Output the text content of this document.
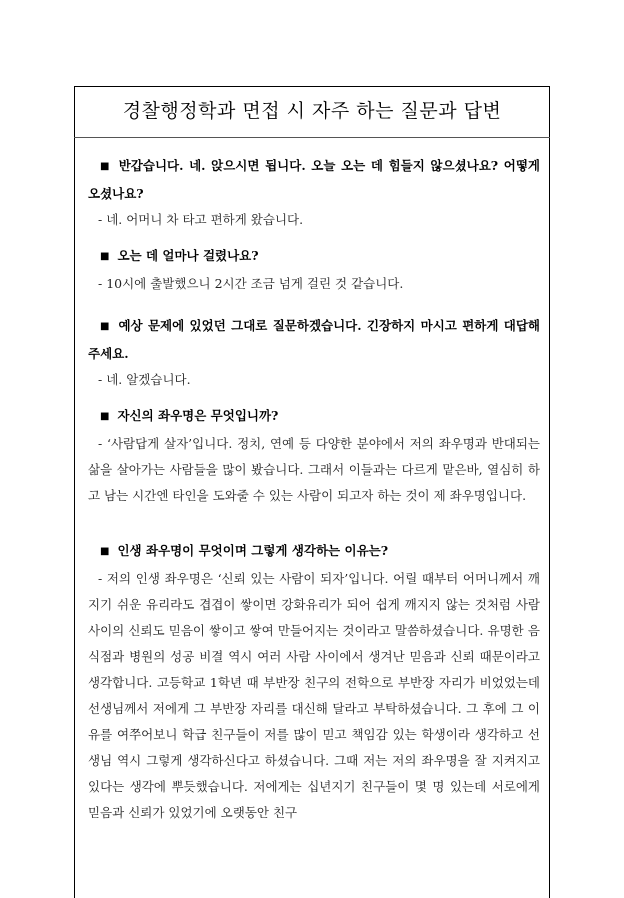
경찰행정학과 면접 시 자주 하는 질문과 답변

■ 반갑습니다. 네. 앉으시면 됩니다. 오늘 오는 데 힘들지 않으셨나요? 어떻게 오셨나요?

- 네. 어머니 차 타고 편하게 왔습니다.

■ 오는 데 얼마나 걸렸나요?

- 10시에 출발했으니 2시간 조금 넘게 걸린 것 같습니다.

■ 예상 문제에 있었던 그대로 질문하겠습니다. 긴장하지 마시고 편하게 대답해주세요.

- 네. 알겠습니다.

■ 자신의 좌우명은 무엇입니까?

- ‘사람답게 살자’입니다. 정치, 연예 등 다양한 분야에서 저의 좌우명과 반대되는 삶을 살아가는 사람들을 많이 봤습니다. 그래서 이들과는 다르게 맡은바, 열심히 하고 남는 시간엔 타인을 도와줄 수 있는 사람이 되고자 하는 것이 제 좌우명입니다.

■ 인생 좌우명이 무엇이며 그렇게 생각하는 이유는?

- 저의 인생 좌우명은 ‘신뢰 있는 사람이 되자’입니다. 어릴 때부터 어머니께서 깨지기 쉬운 유리라도 겹겹이 쌓이면 강화유리가 되어 쉽게 깨지지 않는 것처럼 사람 사이의 신뢰도 믿음이 쌓이고 쌓여 만들어지는 것이라고 말씀하셨습니다. 유명한 음식점과 병원의 성공 비결 역시 여러 사람 사이에서 생겨난 믿음과 신뢰 때문이라고 생각합니다. 고등학교 1학년 때 부반장 친구의 전학으로 부반장 자리가 비었었는데 선생님께서 저에게 그 부반장 자리를 대신해 달라고 부탁하셨습니다. 그 후에 그 이유를 여쭈어보니 학급 친구들이 저를 많이 믿고 책임감 있는 학생이라 생각하고 선생님 역시 그렇게 생각하신다고 하셨습니다. 그때 저는 저의 좌우명을 잘 지켜지고 있다는 생각에 뿌듯했습니다. 저에게는 십년지기 친구들이 몇 명 있는데 서로에게 믿음과 신뢰가 있었기에 오랫동안 친구
